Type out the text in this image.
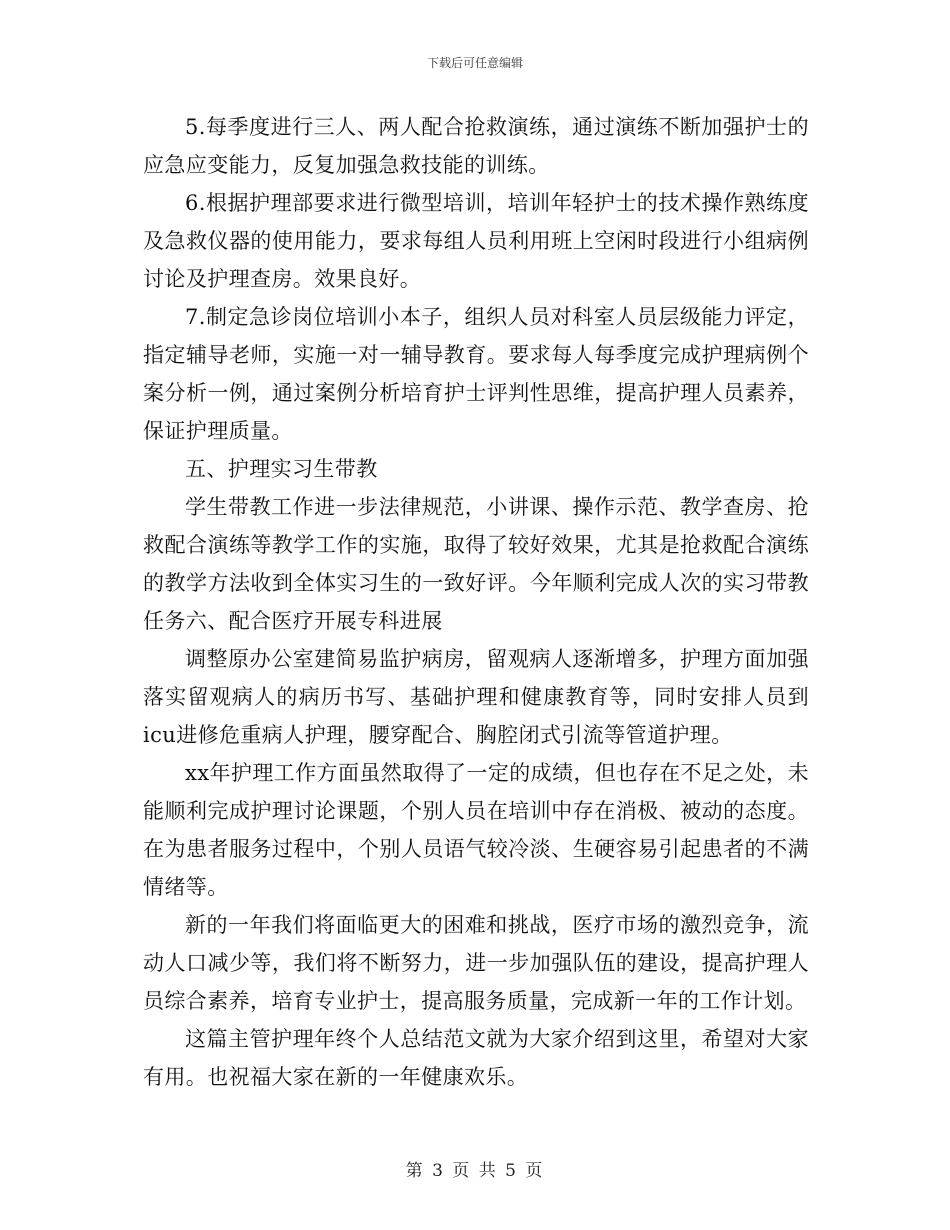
下载后可任意编辑

5.每季度进行三人、两人配合抢救演练，通过演练不断加强护士的应急应变能力，反复加强急救技能的训练。

6.根据护理部要求进行微型培训，培训年轻护士的技术操作熟练度及急救仪器的使用能力，要求每组人员利用班上空闲时段进行小组病例讨论及护理查房。效果良好。

7.制定急诊岗位培训小本子，组织人员对科室人员层级能力评定，指定辅导老师，实施一对一辅导教育。要求每人每季度完成护理病例个案分析一例，通过案例分析培育护士评判性思维，提高护理人员素养，保证护理质量。

五、护理实习生带教

学生带教工作进一步法律规范，小讲课、操作示范、教学查房、抢救配合演练等教学工作的实施，取得了较好效果，尤其是抢救配合演练的教学方法收到全体实习生的一致好评。今年顺利完成人次的实习带教任务六、配合医疗开展专科进展

调整原办公室建简易监护病房，留观病人逐渐增多，护理方面加强落实留观病人的病历书写、基础护理和健康教育等，同时安排人员到icu进修危重病人护理，腰穿配合、胸腔闭式引流等管道护理。

xx年护理工作方面虽然取得了一定的成绩，但也存在不足之处，未能顺利完成护理讨论课题，个别人员在培训中存在消极、被动的态度。在为患者服务过程中，个别人员语气较冷淡、生硬容易引起患者的不满情绪等。

新的一年我们将面临更大的困难和挑战，医疗市场的激烈竞争，流动人口减少等，我们将不断努力，进一步加强队伍的建设，提高护理人员综合素养，培育专业护士，提高服务质量，完成新一年的工作计划。

这篇主管护理年终个人总结范文就为大家介绍到这里，希望对大家有用。也祝福大家在新的一年健康欢乐。

第 3 页 共 5 页
